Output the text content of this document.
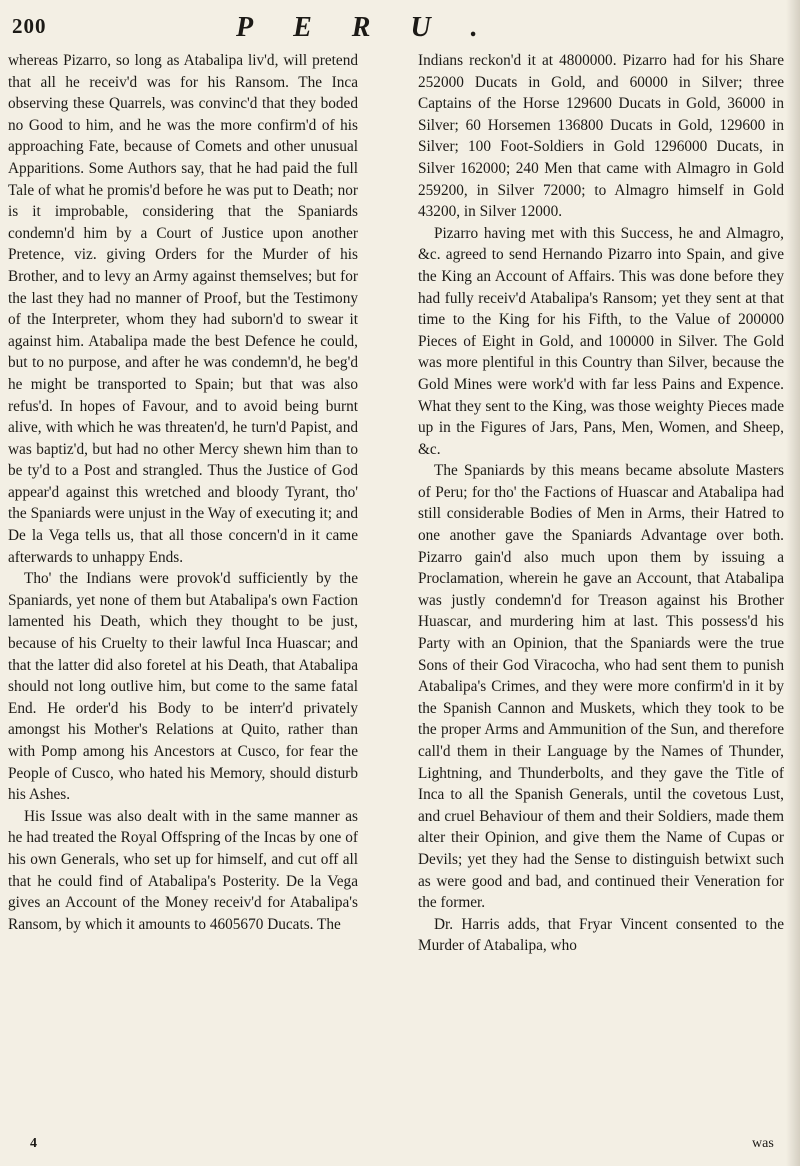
200	PERU.

whereas Pizarro, so long as Atabalipa liv'd, will pretend that all he receiv'd was for his Ransom. The Inca observing these Quarrels, was convinc'd that they boded no Good to him, and he was the more confirm'd of his approaching Fate, because of Comets and other unusual Apparitions. Some Authors say, that he had paid the full Tale of what he promis'd before he was put to Death; nor is it improbable, considering that the Spaniards condemn'd him by a Court of Justice upon another Pretence, viz. giving Orders for the Murder of his Brother, and to levy an Army against themselves; but for the last they had no manner of Proof, but the Testimony of the Interpreter, whom they had suborn'd to swear it against him. Atabalipa made the best Defence he could, but to no purpose, and after he was condemn'd, he beg'd he might be transported to Spain; but that was also refus'd. In hopes of Favour, and to avoid being burnt alive, with which he was threaten'd, he turn'd Papist, and was baptiz'd, but had no other Mercy shewn him than to be ty'd to a Post and strangled. Thus the Justice of God appear'd against this wretched and bloody Tyrant, tho' the Spaniards were unjust in the Way of executing it; and De la Vega tells us, that all those concern'd in it came afterwards to unhappy Ends.

Tho' the Indians were provok'd sufficiently by the Spaniards, yet none of them but Atabalipa's own Faction lamented his Death, which they thought to be just, because of his Cruelty to their lawful Inca Huascar; and that the latter did also foretel at his Death, that Atabalipa should not long outlive him, but come to the same fatal End. He order'd his Body to be interr'd privately amongst his Mother's Relations at Quito, rather than with Pomp among his Ancestors at Cusco, for fear the People of Cusco, who hated his Memory, should disturb his Ashes.

His Issue was also dealt with in the same manner as he had treated the Royal Offspring of the Incas by one of his own Generals, who set up for himself, and cut off all that he could find of Atabalipa's Posterity. De la Vega gives an Account of the Money receiv'd for Atabalipa's Ransom, by which it amounts to 4605670 Ducats. The

Indians reckon'd it at 4800000. Pizarro had for his Share 252000 Ducats in Gold, and 60000 in Silver; three Captains of the Horse 129600 Ducats in Gold, 36000 in Silver; 60 Horsemen 136800 Ducats in Gold, 129600 in Silver; 100 Foot-Soldiers in Gold 1296000 Ducats, in Silver 162000; 240 Men that came with Almagro in Gold 259200, in Silver 72000; to Almagro himself in Gold 43200, in Silver 12000.

Pizarro having met with this Success, he and Almagro, &c. agreed to send Hernando Pizarro into Spain, and give the King an Account of Affairs. This was done before they had fully receiv'd Atabalipa's Ransom; yet they sent at that time to the King for his Fifth, to the Value of 200000 Pieces of Eight in Gold, and 100000 in Silver. The Gold was more plentiful in this Country than Silver, because the Gold Mines were work'd with far less Pains and Expence. What they sent to the King, was those weighty Pieces made up in the Figures of Jars, Pans, Men, Women, and Sheep, &c.

The Spaniards by this means became absolute Masters of Peru; for tho' the Factions of Huascar and Atabalipa had still considerable Bodies of Men in Arms, their Hatred to one another gave the Spaniards Advantage over both. Pizarro gain'd also much upon them by issuing a Proclamation, wherein he gave an Account, that Atabalipa was justly condemn'd for Treason against his Brother Huascar, and murdering him at last. This possess'd his Party with an Opinion, that the Spaniards were the true Sons of their God Viracocha, who had sent them to punish Atabalipa's Crimes, and they were more confirm'd in it by the Spanish Cannon and Muskets, which they took to be the proper Arms and Ammunition of the Sun, and therefore call'd them in their Language by the Names of Thunder, Lightning, and Thunderbolts, and they gave the Title of Inca to all the Spanish Generals, until the covetous Lust, and cruel Behaviour of them and their Soldiers, made them alter their Opinion, and give them the Name of Cupas or Devils; yet they had the Sense to distinguish betwixt such as were good and bad, and continued their Veneration for the former.

Dr. Harris adds, that Fryar Vincent consented to the Murder of Atabalipa, who

4	was
